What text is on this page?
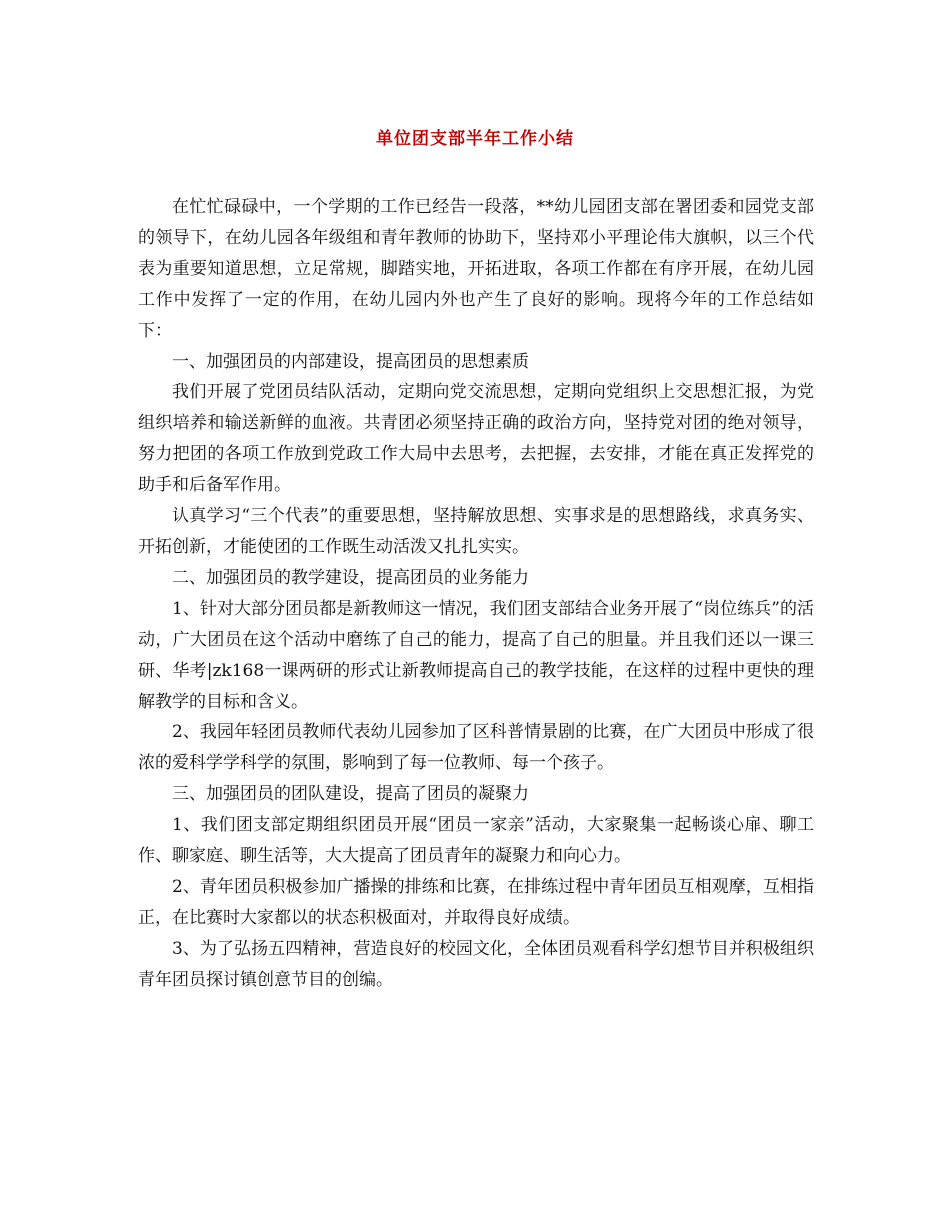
单位团支部半年工作小结

在忙忙碌碌中，一个学期的工作已经告一段落，**幼儿园团支部在署团委和园党支部的领导下，在幼儿园各年级组和青年教师的协助下，坚持邓小平理论伟大旗帜，以三个代表为重要知道思想，立足常规，脚踏实地，开拓进取，各项工作都在有序开展，在幼儿园工作中发挥了一定的作用，在幼儿园内外也产生了良好的影响。现将今年的工作总结如下：

一、加强团员的内部建设，提高团员的思想素质

我们开展了党团员结队活动，定期向党交流思想，定期向党组织上交思想汇报，为党组织培养和输送新鲜的血液。共青团必须坚持正确的政治方向，坚持党对团的绝对领导，努力把团的各项工作放到党政工作大局中去思考，去把握，去安排，才能在真正发挥党的助手和后备军作用。

认真学习“三个代表”的重要思想，坚持解放思想、实事求是的思想路线，求真务实、开拓创新，才能使团的工作既生动活泼又扎扎实实。

二、加强团员的教学建设，提高团员的业务能力

1、针对大部分团员都是新教师这一情况，我们团支部结合业务开展了“岗位练兵”的活动，广大团员在这个活动中磨练了自己的能力，提高了自己的胆量。并且我们还以一课三研、华考|zk168一课两研的形式让新教师提高自己的教学技能，在这样的过程中更快的理解教学的目标和含义。

2、我园年轻团员教师代表幼儿园参加了区科普情景剧的比赛，在广大团员中形成了很浓的爱科学学科学的氛围，影响到了每一位教师、每一个孩子。

三、加强团员的团队建设，提高了团员的凝聚力

1、我们团支部定期组织团员开展“团员一家亲”活动，大家聚集一起畅谈心扉、聊工作、聊家庭、聊生活等，大大提高了团员青年的凝聚力和向心力。

2、青年团员积极参加广播操的排练和比赛，在排练过程中青年团员互相观摩，互相指正，在比赛时大家都以的状态积极面对，并取得良好成绩。

3、为了弘扬五四精神，营造良好的校园文化，全体团员观看科学幻想节目并积极组织青年团员探讨镇创意节目的创编。
